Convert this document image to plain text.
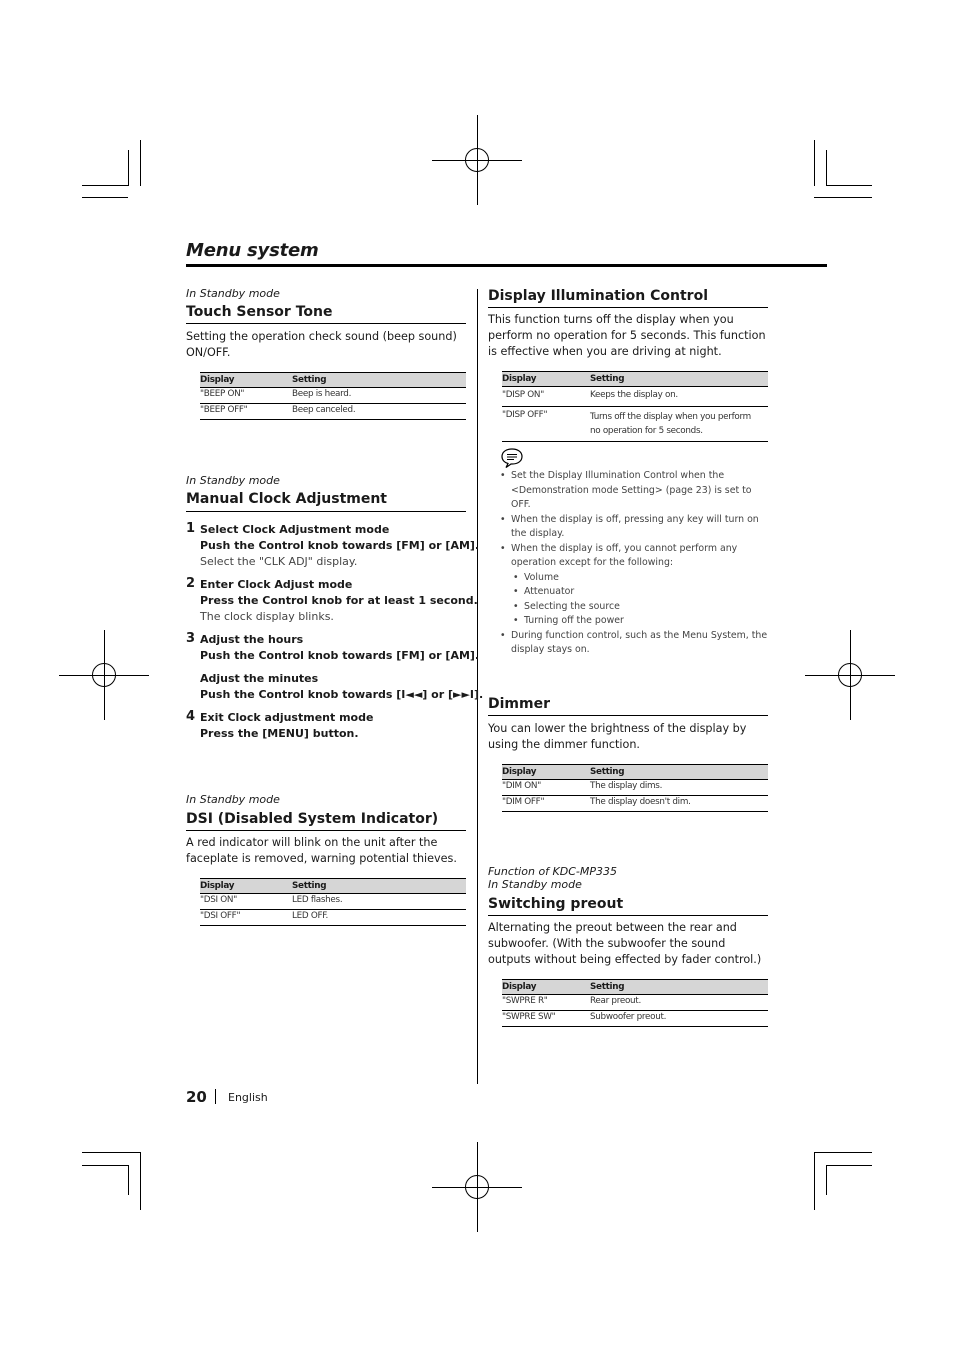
Menu system
In Standby mode
Touch Sensor Tone
Setting the operation check sound (beep sound) ON/OFF.
Display	Setting
"BEEP ON"	Beep is heard.
"BEEP OFF"	Beep canceled.
In Standby mode
Manual Clock Adjustment
1 Select Clock Adjustment mode
Push the Control knob towards [FM] or [AM].
Select the "CLK ADJ" display.
2 Enter Clock Adjust mode
Press the Control knob for at least 1 second.
The clock display blinks.
3 Adjust the hours
Push the Control knob towards [FM] or [AM].
Adjust the minutes
Push the Control knob towards [I◄◄] or [►►I].
4 Exit Clock adjustment mode
Press the [MENU] button.
In Standby mode
DSI (Disabled System Indicator)
A red indicator will blink on the unit after the faceplate is removed, warning potential thieves.
Display	Setting
"DSI ON"	LED flashes.
"DSI OFF"	LED OFF.
Display Illumination Control
This function turns off the display when you perform no operation for 5 seconds. This function is effective when you are driving at night.
Display	Setting
"DISP ON"	Keeps the display on.
"DISP OFF"	Turns off the display when you perform no operation for 5 seconds.
• Set the Display Illumination Control when the <Demonstration mode Setting> (page 23) is set to OFF.
• When the display is off, pressing any key will turn on the display.
• When the display is off, you cannot perform any operation except for the following:
• Volume
• Attenuator
• Selecting the source
• Turning off the power
• During function control, such as the Menu System, the display stays on.
Dimmer
You can lower the brightness of the display by using the dimmer function.
Display	Setting
"DIM ON"	The display dims.
"DIM OFF"	The display doesn't dim.
Function of KDC-MP335
In Standby mode
Switching preout
Alternating the preout between the rear and subwoofer. (With the subwoofer the sound outputs without being effected by fader control.)
Display	Setting
"SWPRE R"	Rear preout.
"SWPRE SW"	Subwoofer preout.
20 English
